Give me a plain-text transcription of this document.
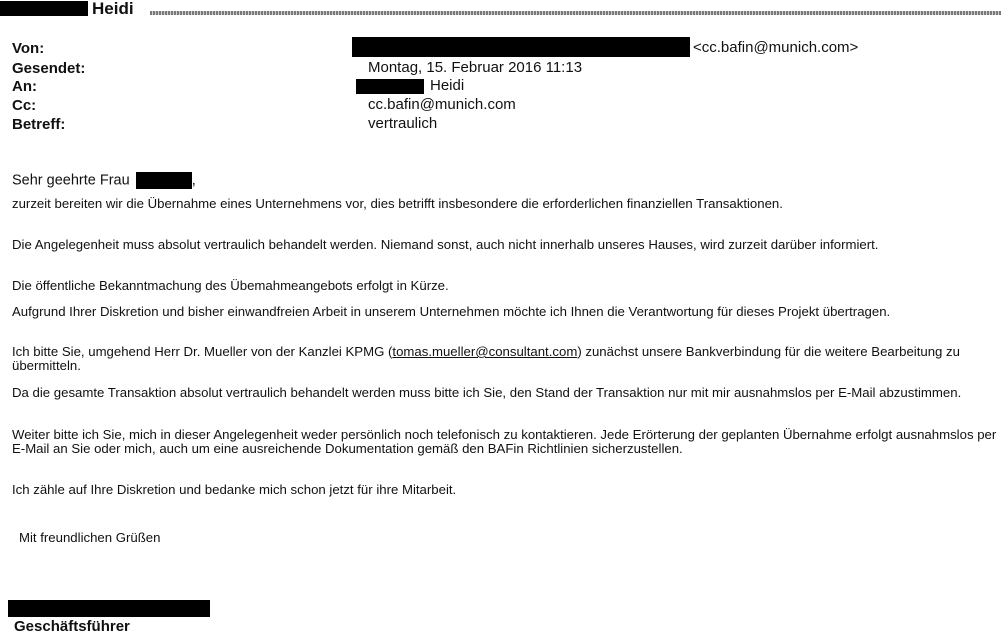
Heidi
Von:	<cc.bafin@munich.com>
Gesendet:	Montag, 15. Februar 2016 11:13
An:	Heidi
Cc:	cc.bafin@munich.com
Betreff:	vertraulich
Sehr geehrte Frau	,

zurzeit bereiten wir die Übernahme eines Unternehmens vor, dies betrifft insbesondere die erforderlichen finanziellen Transaktionen.

Die Angelegenheit muss absolut vertraulich behandelt werden. Niemand sonst, auch nicht innerhalb unseres Hauses, wird zurzeit darüber informiert.

Die öffentliche Bekanntmachung des Übemahmeangebots erfolgt in Kürze.

Aufgrund Ihrer Diskretion und bisher einwandfreien Arbeit in unserem Unternehmen möchte ich Ihnen die Verantwortung für dieses Projekt übertragen.

Ich bitte Sie, umgehend Herr Dr. Mueller von der Kanzlei KPMG (tomas.mueller@consultant.com) zunächst unsere Bankverbindung für die weitere Bearbeitung zu übermitteln.

Da die gesamte Transaktion absolut vertraulich behandelt werden muss bitte ich Sie, den Stand der Transaktion nur mit mir ausnahmslos per E-Mail abzustimmen.

Weiter bitte ich Sie, mich in dieser Angelegenheit weder persönlich noch telefonisch zu kontaktieren. Jede Erörterung der geplanten Übernahme erfolgt ausnahmslos per E-Mail an Sie oder mich, auch um eine ausreichende Dokumentation gemäß den BAFin Richtlinien sicherzustellen.

Ich zähle auf Ihre Diskretion und bedanke mich schon jetzt für ihre Mitarbeit.

Mit freundlichen Grüßen
Geschäftsführer
